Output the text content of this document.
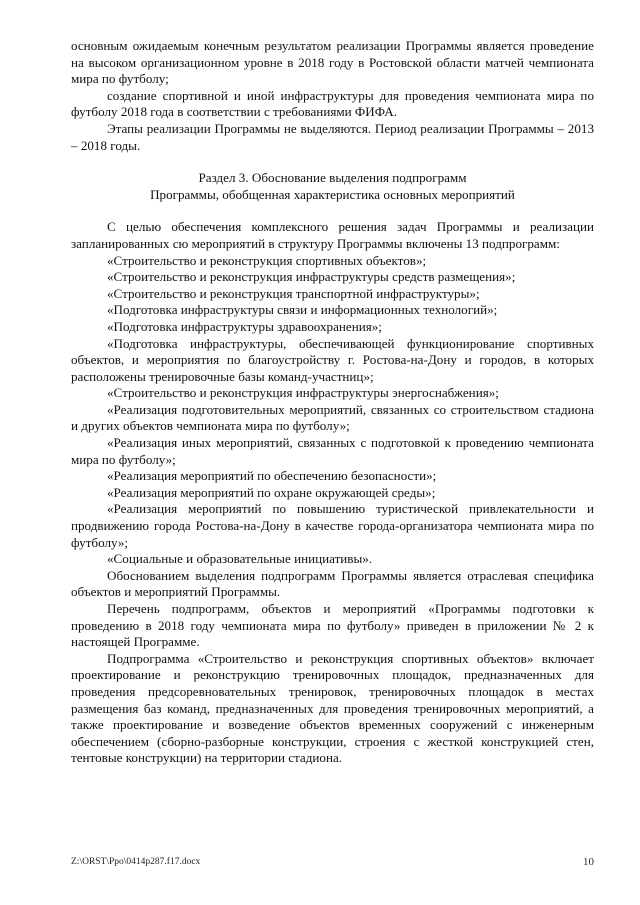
основным ожидаемым конечным результатом реализации Программы является проведение на высоком организационном уровне в 2018 году в Ростовской области матчей чемпионата мира по футболу;

создание спортивной и иной инфраструктуры для проведения чемпионата мира по футболу 2018 года в соответствии с требованиями ФИФА.

Этапы реализации Программы не выделяются. Период реализации Программы – 2013 – 2018 годы.

Раздел 3. Обоснование выделения подпрограмм
Программы, обобщенная характеристика основных мероприятий

С целью обеспечения комплексного решения задач Программы и реализации запланированных сю мероприятий в структуру Программы включены 13 подпрограмм:

«Строительство и реконструкция спортивных объектов»;

«Строительство и реконструкция инфраструктуры средств размещения»;

«Строительство и реконструкция транспортной инфраструктуры»;

«Подготовка инфраструктуры связи и информационных технологий»;

«Подготовка инфраструктуры здравоохранения»;

«Подготовка инфраструктуры, обеспечивающей функционирование спортивных объектов, и мероприятия по благоустройству г. Ростова-на-Дону и городов, в которых расположены тренировочные базы команд-участниц»;

«Строительство и реконструкция инфраструктуры энергоснабжения»;

«Реализация подготовительных мероприятий, связанных со строительством стадиона и других объектов чемпионата мира по футболу»;

«Реализация иных мероприятий, связанных с подготовкой к проведению чемпионата мира по футболу»;

«Реализация мероприятий по обеспечению безопасности»;

«Реализация мероприятий по охране окружающей среды»;

«Реализация мероприятий по повышению туристической привлекательности и продвижению города Ростова-на-Дону в качестве города-организатора чемпионата мира по футболу»;

«Социальные и образовательные инициативы».

Обоснованием выделения подпрограмм Программы является отраслевая специфика объектов и мероприятий Программы.

Перечень подпрограмм, объектов и мероприятий «Программы подготовки к проведению в 2018 году чемпионата мира по футболу» приведен в приложении № 2 к настоящей Программе.

Подпрограмма «Строительство и реконструкция спортивных объектов» включает проектирование и реконструкцию тренировочных площадок, предназначенных для проведения предсоревновательных тренировок, тренировочных площадок в местах размещения баз команд, предназначенных для проведения тренировочных мероприятий, а также проектирование и возведение объектов временных сооружений с инженерным обеспечением (сборно-разборные конструкции, строения с жесткой конструкцией стен, тентовые конструкции) на территории стадиона.

Z:\ORST\Ppo\0414p287.f17.docx	10
